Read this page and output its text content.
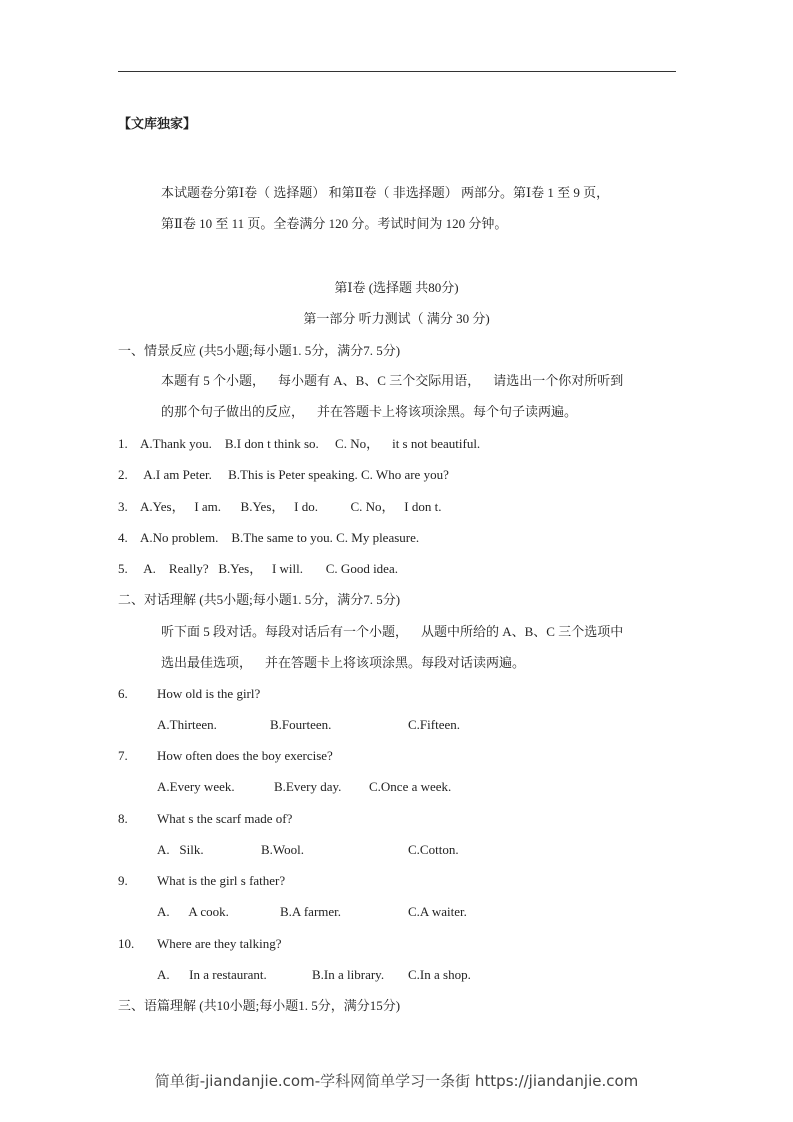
【文库独家】
本试题卷分第Ⅰ卷（ 选择题） 和第Ⅱ卷（ 非选择题） 两部分。第Ⅰ卷 1 至 9 页，
第Ⅱ卷 10 至 11 页。全卷满分 120 分。考试时间为 120 分钟。
第Ⅰ卷 (选择题 共80分)
第一部分 听力测试（ 满分 30 分)
一、情景反应 (共5小题;每小题1. 5分，满分7. 5分)
本题有 5 个小题，    每小题有 A、B、C 三个交际用语，    请选出一个你对所听到
的那个句子做出的反应，    并在答题卡上将该项涂黑。每个句子读两遍。
1.    A.Thank you.    B.I don t think so.     C. No，    it s not beautiful.
2.     A.I am Peter.     B.This is Peter speaking. C. Who are you?
3.    A.Yes，   I am.      B.Yes，   I do.          C. No，   I don t.
4.    A.No problem.    B.The same to you. C. My pleasure.
5.     A.    Really?   B.Yes，   I will.       C. Good idea.
二、对话理解 (共5小题;每小题1. 5分，满分7. 5分)
听下面 5 段对话。每段对话后有一个小题，    从题中所给的 A、B、C 三个选项中
选出最佳选项，    并在答题卡上将该项涂黑。每段对话读两遍。
6. How old is the girl?
A.Thirteen.	B.Fourteen.	C.Fifteen.
7. How often does the boy exercise?
A.Every week.	B.Every day. C.Once a week.
8. What s the scarf made of?
A.   Silk.	B.Wool.	C.Cotton.
9. What is the girl s father?
A.      A cook.	B.A farmer.	C.A waiter.
10. Where are they talking?
A.      In a restaurant.	B.In a library. C.In a shop.
三、语篇理解 (共10小题;每小题1. 5分，满分15分)
简单街-jiandanjie.com-学科网简单学习一条街 https://jiandanjie.com
